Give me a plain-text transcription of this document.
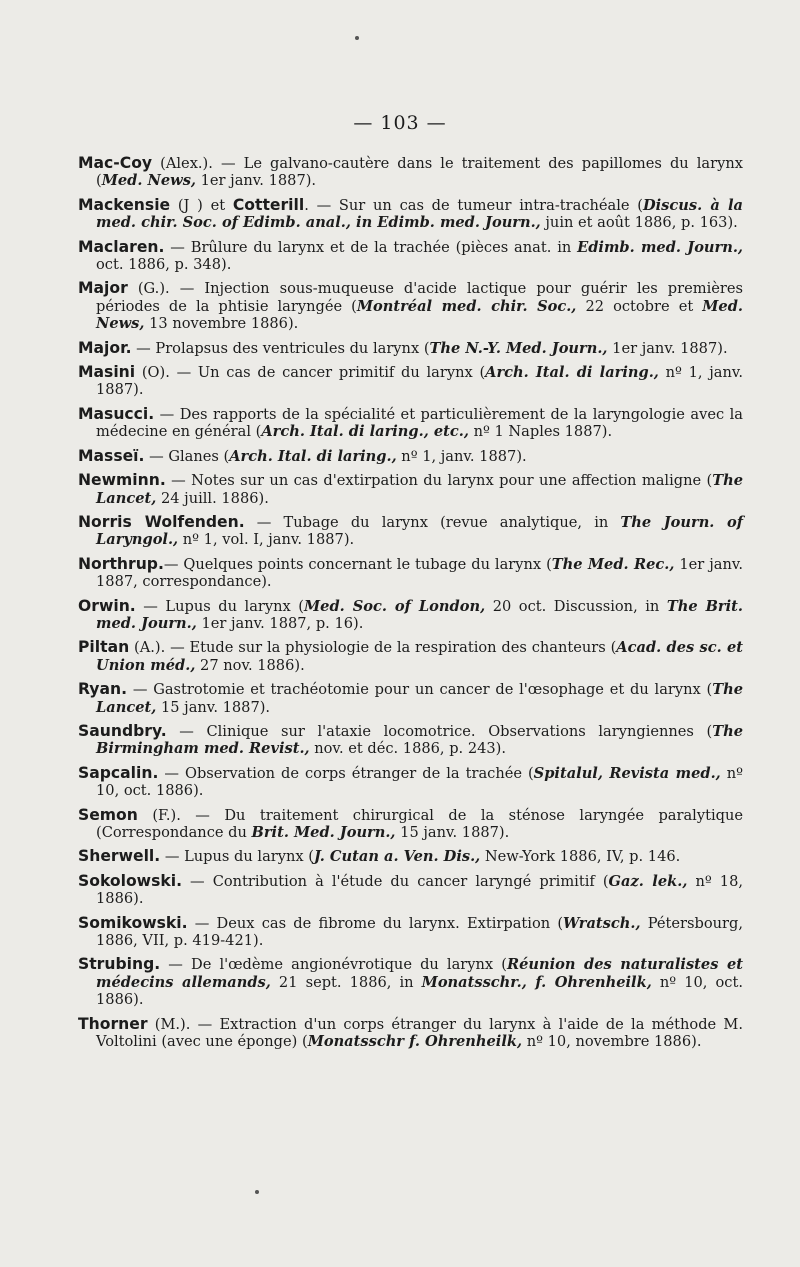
— 103 —
Mac-Coy (Alex.). — Le galvano-cautère dans le traitement des papillomes du larynx (Med. News, 1er janv. 1887).
Mackensie (J ) et Cotterill. — Sur un cas de tumeur intra-trachéale (Discus. à la med. chir. Soc. of Edimb. anal., in Edimb. med. Journ., juin et août 1886, p. 163).
Maclaren. — Brûlure du larynx et de la trachée (pièces anat. in Edimb. med. Journ., oct. 1886, p. 348).
Major (G.). — Injection sous-muqueuse d'acide lactique pour guérir les premières périodes de la phtisie laryngée (Montréal med. chir. Soc., 22 octobre et Med. News, 13 novembre 1886).
Major. — Prolapsus des ventricules du larynx (The N.-Y. Med. Journ., 1er janv. 1887).
Masini (O). — Un cas de cancer primitif du larynx (Arch. Ital. di laring., nº 1, janv. 1887).
Masucci. — Des rapports de la spécialité et particulièrement de la laryngologie avec la médecine en général (Arch. Ital. di laring., etc., nº 1 Naples 1887).
Masseï. — Glanes (Arch. Ital. di laring., nº 1, janv. 1887).
Newminn. — Notes sur un cas d'extirpation du larynx pour une affection maligne (The Lancet, 24 juill. 1886).
Norris Wolfenden. — Tubage du larynx (revue analytique, in The Journ. of Laryngol., nº 1, vol. I, janv. 1887).
Northrup.— Quelques points concernant le tubage du larynx (The Med. Rec., 1er janv. 1887, correspondance).
Orwin. — Lupus du larynx (Med. Soc. of London, 20 oct. Discussion, in The Brit. med. Journ., 1er janv. 1887, p. 16).
Piltan (A.). — Etude sur la physiologie de la respiration des chanteurs (Acad. des sc. et Union méd., 27 nov. 1886).
Ryan. — Gastrotomie et trachéotomie pour un cancer de l'œsophage et du larynx (The Lancet, 15 janv. 1887).
Saundbry. — Clinique sur l'ataxie locomotrice. Observations laryngiennes (The Birmingham med. Revist., nov. et déc. 1886, p. 243).
Sapcalin. — Observation de corps étranger de la trachée (Spitalul, Revista med., nº 10, oct. 1886).
Semon (F.). — Du traitement chirurgical de la sténose laryngée paralytique (Correspondance du Brit. Med. Journ., 15 janv. 1887).
Sherwell. — Lupus du larynx (J. Cutan a. Ven. Dis., New-York 1886, IV, p. 146.
Sokolowski. — Contribution à l'étude du cancer laryngé primitif (Gaz. lek., nº 18, 1886).
Somikowski. — Deux cas de fibrome du larynx. Extirpation (Wratsch., Pétersbourg, 1886, VII, p. 419-421).
Strubing. — De l'œdème angionévrotique du larynx (Réunion des naturalistes et médecins allemands, 21 sept. 1886, in Monatsschr., f. Ohrenheilk, nº 10, oct. 1886).
Thorner (M.). — Extraction d'un corps étranger du larynx à l'aide de la méthode M. Voltolini (avec une éponge) (Monatsschr f. Ohrenheilk, nº 10, novembre 1886).
